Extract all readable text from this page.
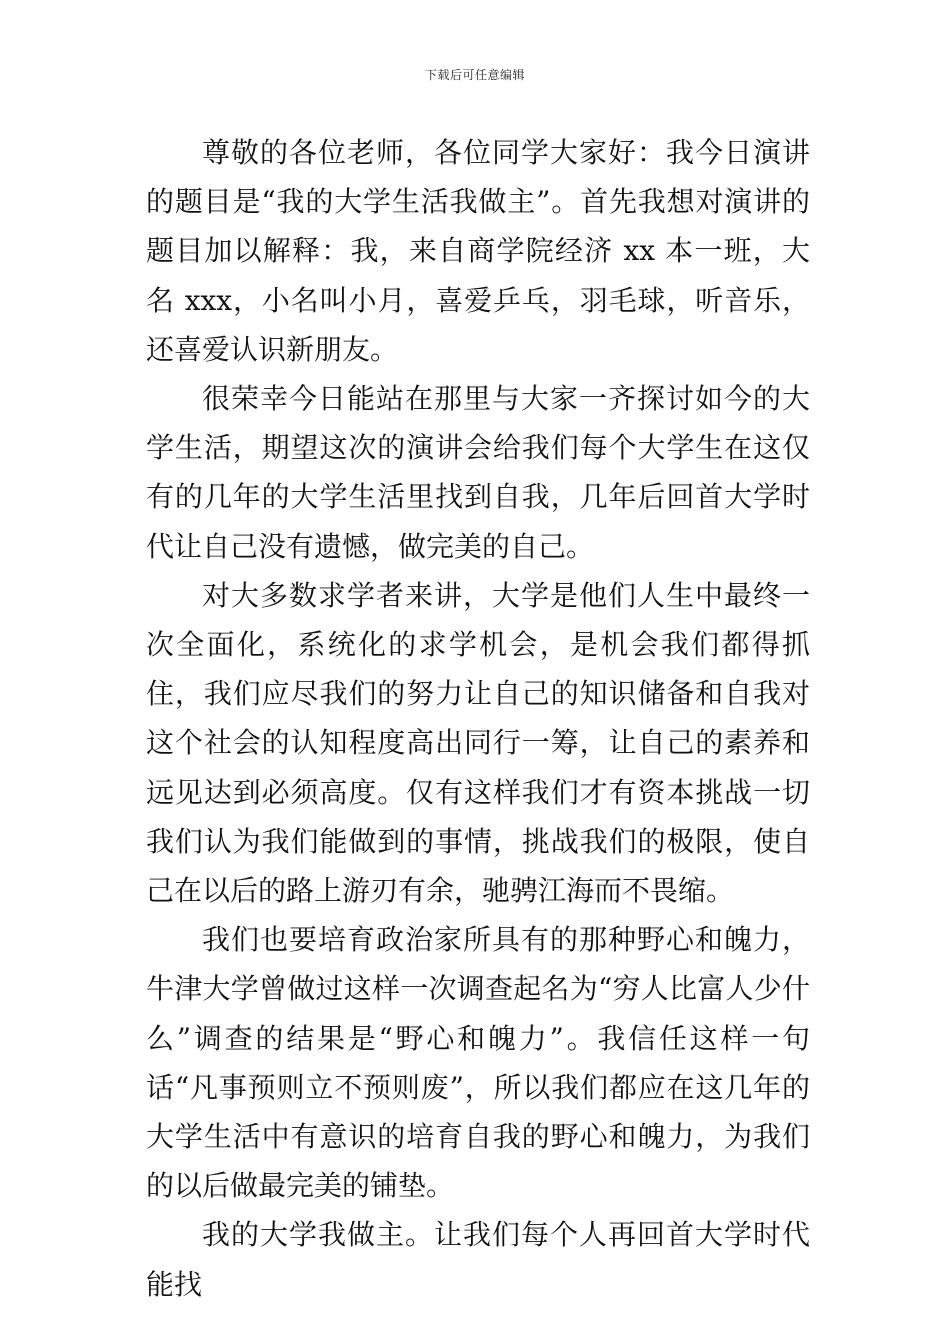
下载后可任意编辑

尊敬的各位老师，各位同学大家好：我今日演讲的题目是“我的大学生活我做主”。首先我想对演讲的题目加以解释：我，来自商学院经济 xx 本一班，大名 xxx，小名叫小月，喜爱乒乓，羽毛球，听音乐，还喜爱认识新朋友。

很荣幸今日能站在那里与大家一齐探讨如今的大学生活，期望这次的演讲会给我们每个大学生在这仅有的几年的大学生活里找到自我，几年后回首大学时代让自己没有遗憾，做完美的自己。

对大多数求学者来讲，大学是他们人生中最终一次全面化，系统化的求学机会，是机会我们都得抓住，我们应尽我们的努力让自己的知识储备和自我对这个社会的认知程度高出同行一筹，让自己的素养和远见达到必须高度。仅有这样我们才有资本挑战一切我们认为我们能做到的事情，挑战我们的极限，使自己在以后的路上游刃有余，驰骋江海而不畏缩。

我们也要培育政治家所具有的那种野心和魄力，牛津大学曾做过这样一次调查起名为“穷人比富人少什么”调查的结果是“野心和魄力”。我信任这样一句话“凡事预则立不预则废”，所以我们都应在这几年的大学生活中有意识的培育自我的野心和魄力，为我们的以后做最完美的铺垫。

我的大学我做主。让我们每个人再回首大学时代能找
